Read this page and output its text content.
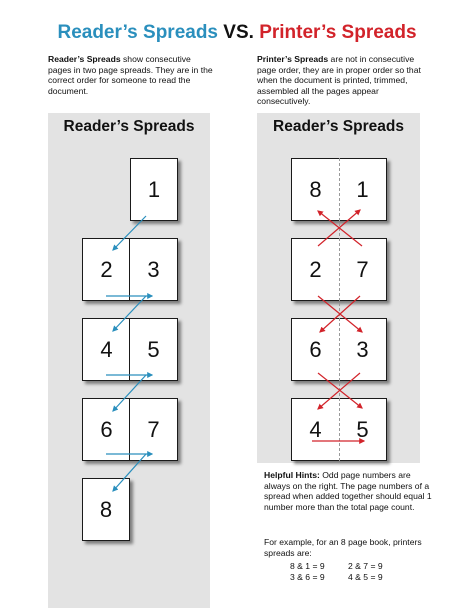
Reader’s Spreads VS. Printer’s Spreads
Reader’s Spreads show consecutive pages in two page spreads. They are in the correct order for someone to read the document.
Printer’s Spreads are not in consecutive page order, they are in proper order so that when the document is printed, trimmed, assembled all the pages appear consecutively.
Reader’s Spreads	Reader’s Spreads
1
2	3
4	5
6	7
8
8	1
2	7
6	3
4	5
Helpful Hints: Odd page numbers are always on the right. The page numbers of a spread when added together should equal 1 number more than the total page count.
For example, for an 8 page book, printers spreads are:
8 & 1 = 9	2 & 7 = 9
3 & 6 = 9	4 & 5 = 9
